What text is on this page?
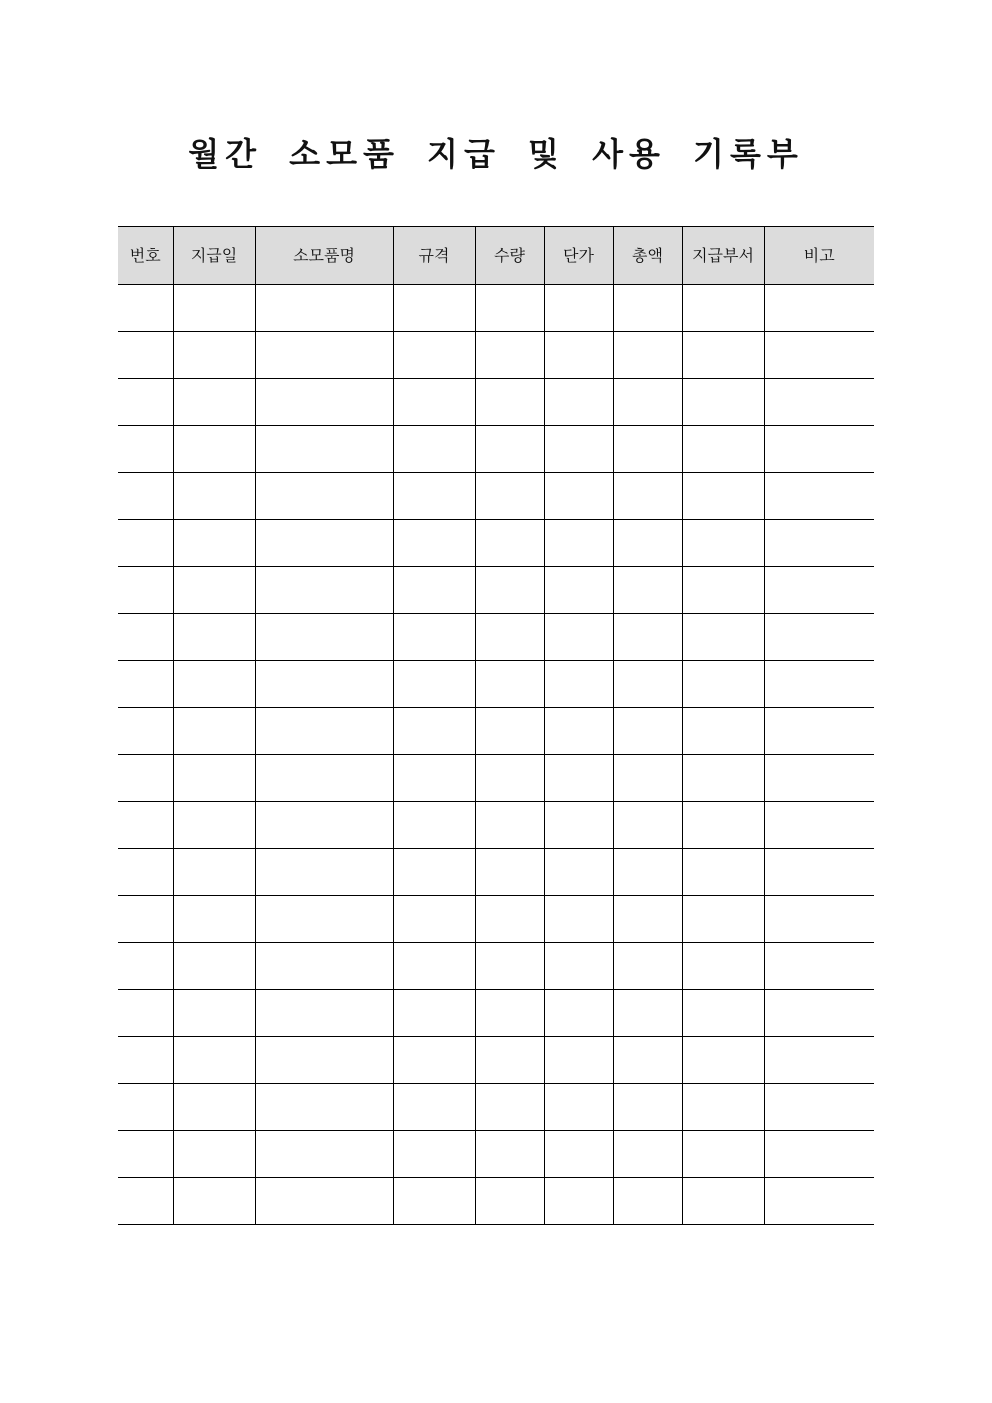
월간 소모품 지급 및 사용 기록부
번호	지급일	소모품명	규격	수량	단가	총액	지급부서	비고
